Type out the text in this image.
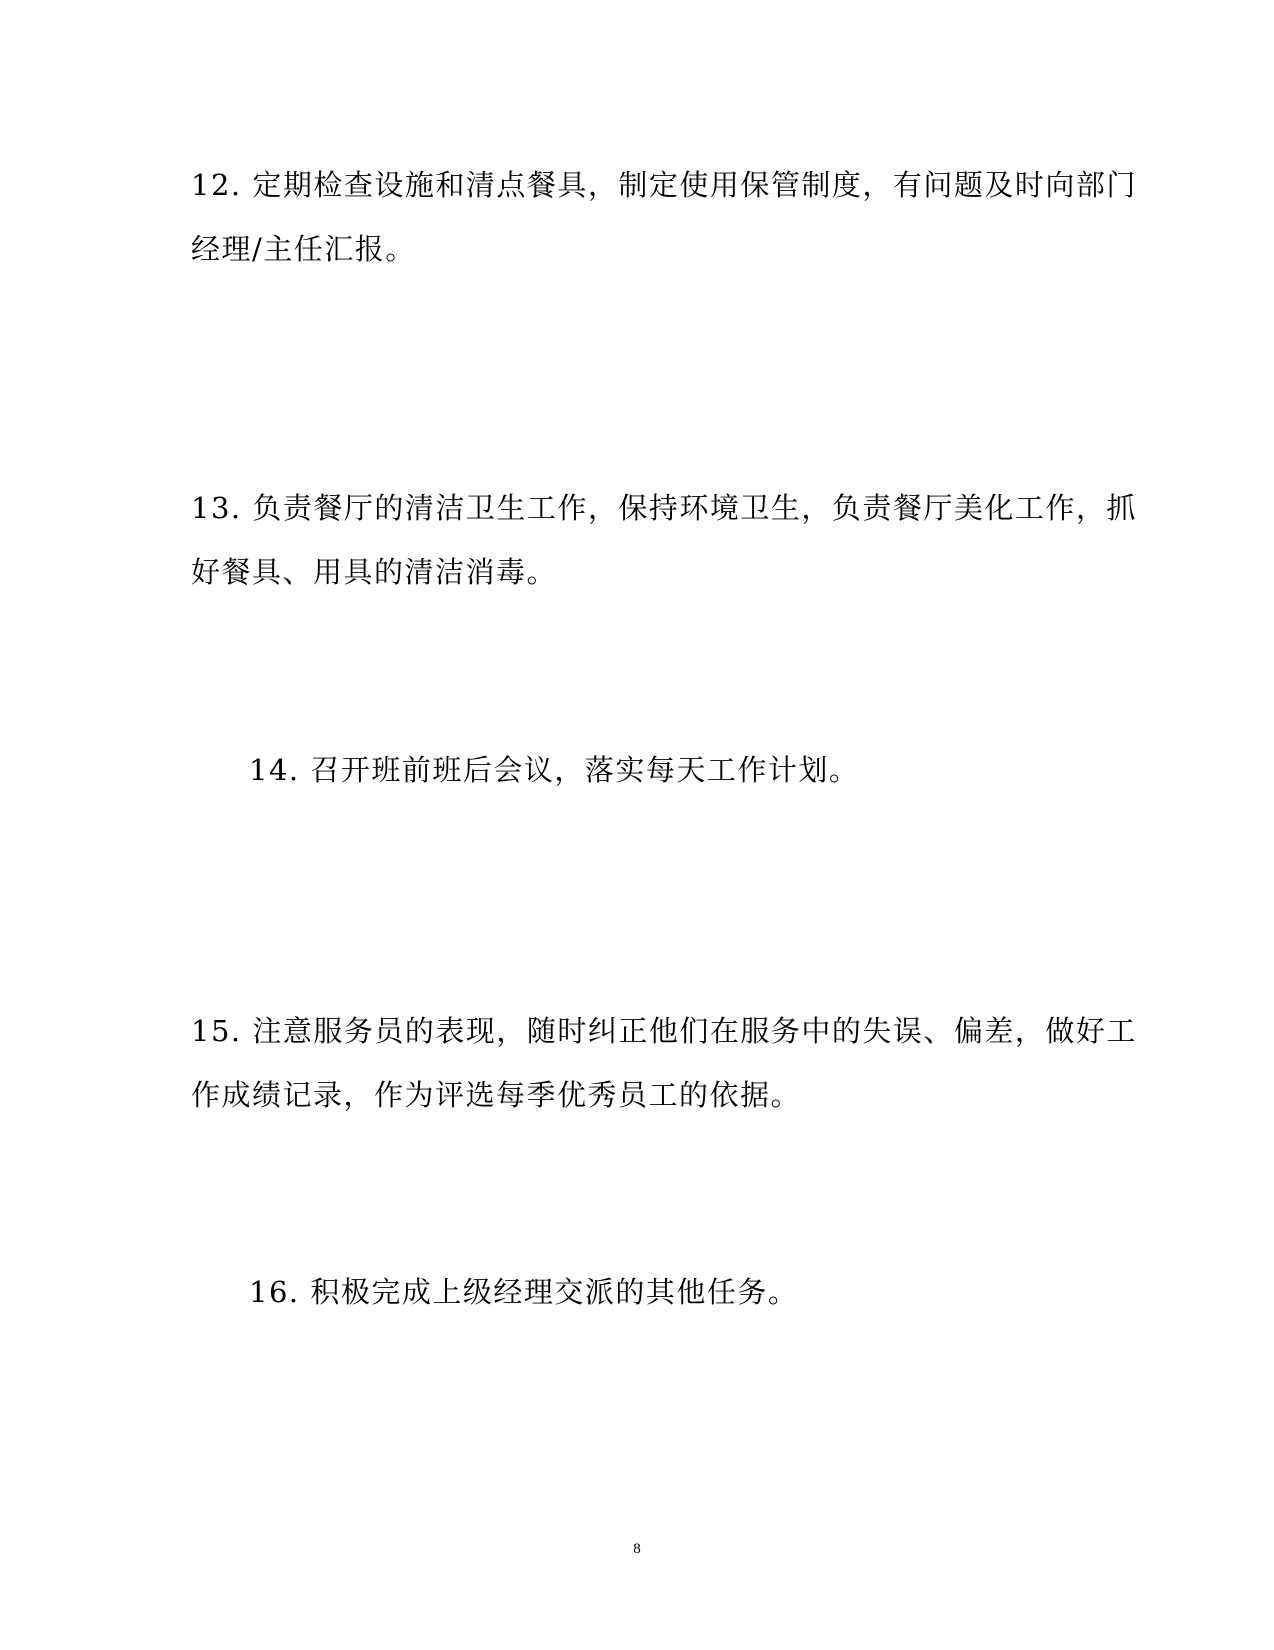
12. 定期检查设施和清点餐具，制定使用保管制度，有问题及时向部门
经理/主任汇报。

13. 负责餐厅的清洁卫生工作，保持环境卫生，负责餐厅美化工作，抓
好餐具、用具的清洁消毒。

14. 召开班前班后会议，落实每天工作计划。

15. 注意服务员的表现，随时纠正他们在服务中的失误、偏差，做好工
作成绩记录，作为评选每季优秀员工的依据。

16. 积极完成上级经理交派的其他任务。

8
